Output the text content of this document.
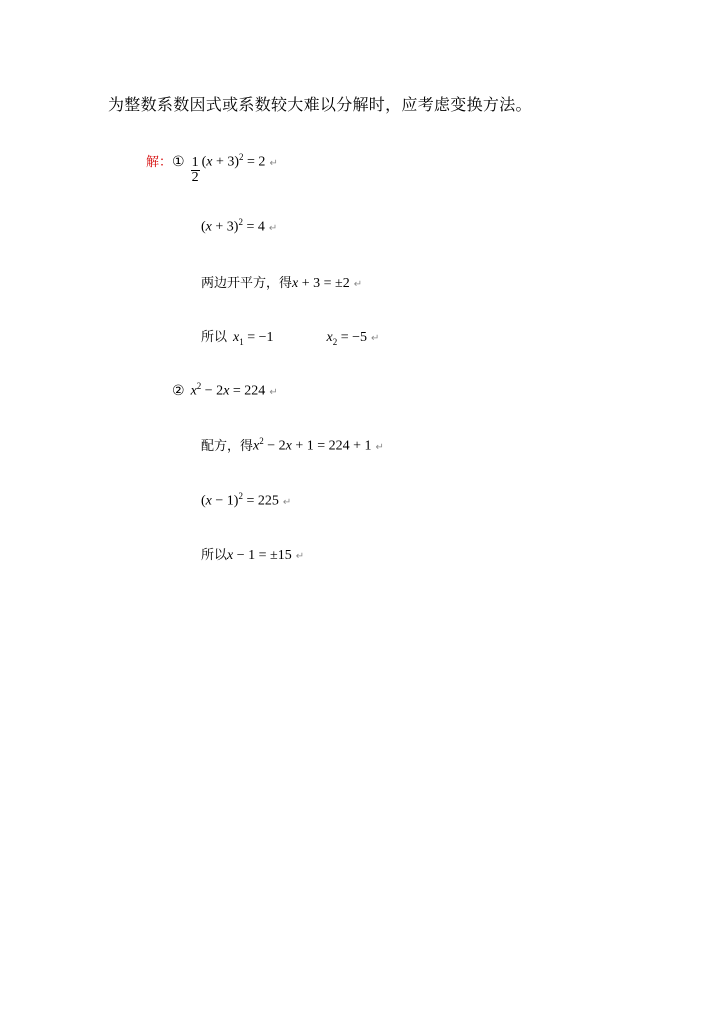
为整数系数因式或系数较大难以分解时，应考虑变换方法。
解： ① $\frac{1}{2} (x + 3)^2 = 2$ ↵
$(x + 3)^2 = 4$ ↵
两边开平方，得 x + 3 = ±2 ↵
所以 $x_1 = -1$	$x_2 = -5$ ↵
② $x^2 - 2x = 224$ ↵
配方，得 $x^2 - 2x + 1 = 224 + 1$ ↵
$(x - 1)^2 = 225$ ↵
所以 x − 1 = ±15 ↵
